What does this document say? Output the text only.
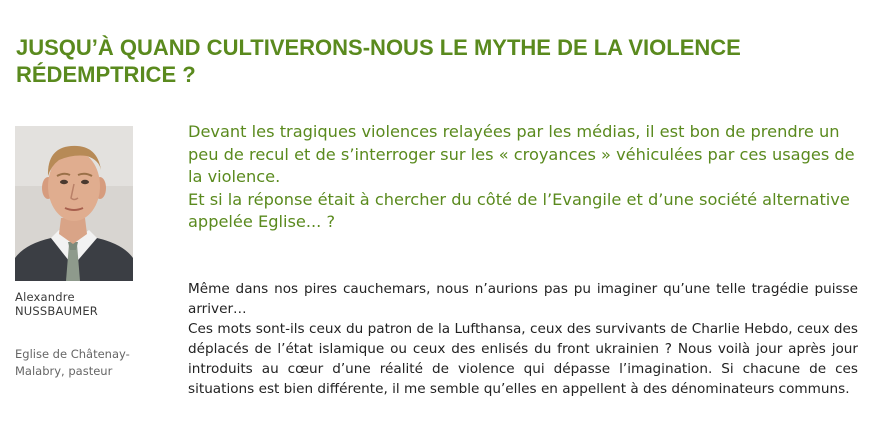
JUSQU’À QUAND CULTIVERONS-NOUS LE MYTHE DE LA VIOLENCE RÉDEMPTRICE ?
Alexandre
NUSSBAUMER
Eglise de Châtenay-Malabry, pasteur
Devant les tragiques violences relayées par les médias, il est bon de prendre un peu de recul et de s’interroger sur les « croyances » véhiculées par ces usages de la violence.
Et si la réponse était à chercher du côté de l’Evangile et d’une société alternative appelée Eglise... ?
Même dans nos pires cauchemars, nous n’aurions pas pu imaginer qu’une telle tragédie puisse arriver…
Ces mots sont-ils ceux du patron de la Lufthansa, ceux des survivants de Charlie Hebdo, ceux des déplacés de l’état islamique ou ceux des enlisés du front ukrainien ? Nous voilà jour après jour introduits au cœur d’une réalité de violence qui dépasse l’imagination. Si chacune de ces situations est bien différente, il me semble qu’elles en appellent à des dénominateurs communs.
